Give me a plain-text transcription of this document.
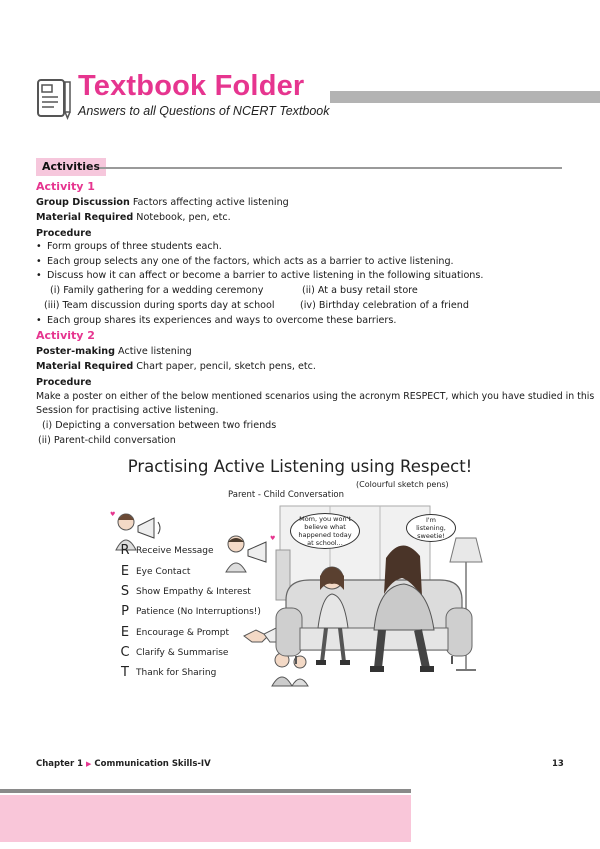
Textbook Folder
Answers to all Questions of NCERT Textbook
Activities
Activity 1
Group Discussion Factors affecting active listening
Material Required Notebook, pen, etc.
Procedure
• Form groups of three students each.
• Each group selects any one of the factors, which acts as a barrier to active listening.
• Discuss how it can affect or become a barrier to active listening in the following situations.
(i) Family gathering for a wedding ceremony	(ii) At a busy retail store
(iii) Team discussion during sports day at school	(iv) Birthday celebration of a friend
• Each group shares its experiences and ways to overcome these barriers.
Activity 2
Poster-making Active listening
Material Required Chart paper, pencil, sketch pens, etc.
Procedure
Make a poster on either of the below mentioned scenarios using the acronym RESPECT, which you have studied in this
Session for practising active listening.
(i) Depicting a conversation between two friends
(ii) Parent-child conversation
Practising Active Listening using Respect!
(Colourful sketch pens)
Parent - Child Conversation
♥
♥
R Receive Message
E Eye Contact
S Show Empathy & Interest
P Patience (No Interruptions!)
E Encourage & Prompt
C Clarify & Summarise
T Thank for Sharing
Mom, you won't believe what happened today at school...
I'm listening, sweetie!
Chapter 1 ▶ Communication Skills-IV	13
